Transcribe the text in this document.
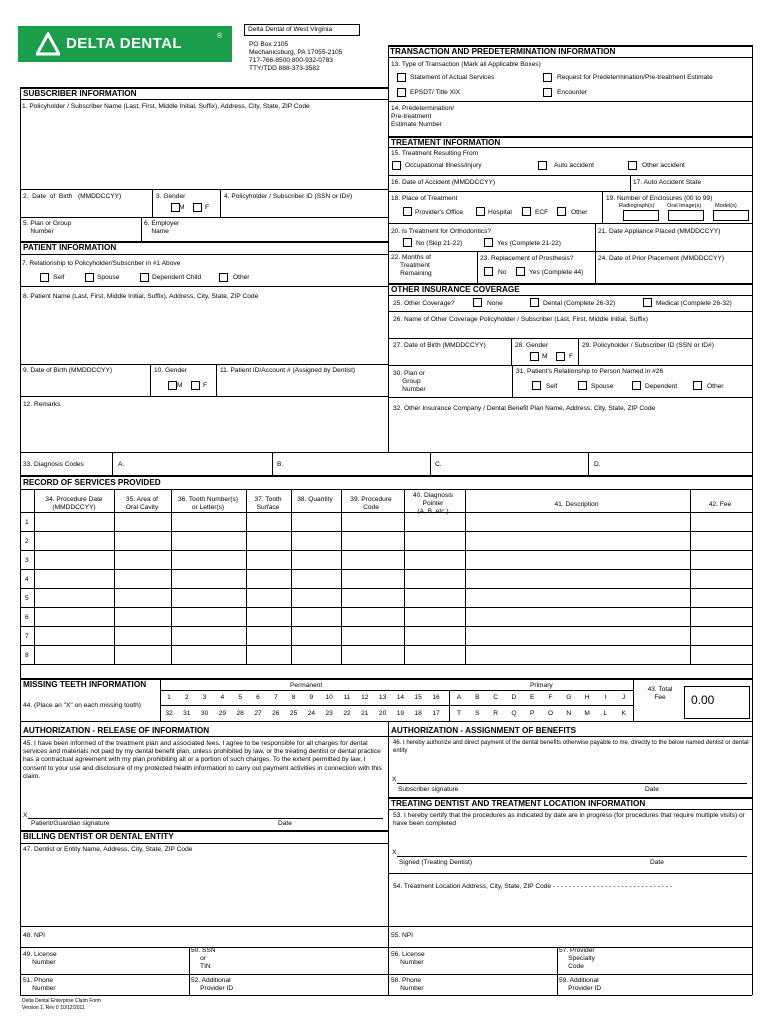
DELTA DENTAL	®
Delta Dental of West Virginia
PO Box 2105
Mechanicsburg, PA 17055-2105
717-766-8500 800-932-0783
TTY/TDD 888-373-3582
TRANSACTION AND PREDETERMINATION INFORMATION
13. Type of Transaction (Mark all Applicable Boxes)
Statement of Actual Services	Request for Predetermination/Pre-treatment Estimate
EPSDT/ Title XIX	Encounter
14. Predetermination/
Pre-treatment
Estimate Number
SUBSCRIBER INFORMATION
1. Policyholder / Subscriber Name (Last, First, Middle Initial, Suffix), Address, City, State, ZIP Code
2.  Date  of  Birth   (MMDDCCYY)	3. Gender
M	F
4. Policyholder / Subscriber ID (SSN or ID#)
5. Plan or Group
Number
6. Employer
Name
PATIENT INFORMATION
7. Relationship to Policyholder/Subscriber in #1 Above
Self	Spouse	Dependent Child	Other
8. Patient Name (Last, First, Middle Initial, Suffix), Address, City, State, ZIP Code
9. Date of Birth (MMDDCCYY)	10. Gender
M	F
11. Patient ID/Account # (Assigned by Dentist)
12. Remarks
TREATMENT INFORMATION
15. Treatment Resulting From
Occupational Illness/injury	Auto accident	Other accident
16. Date of Accident (MMDDCCYY)	17. Auto Accident State
18. Place of Treatment
Provider's Office	Hospital	ECF	Other
19. Number of Enclosures (00 to 99)
Radiograph(s) Oral Image(s) Model(s)
20. Is Treatment for Orthodontics?
No (Skip 21-22)	Yes (Complete 21-22)
21. Date Appliance Placed (MMDDCCYY)
22. Months of
Treatment
Remaining
23. Replacement of Prosthesis?
No	Yes (Complete 44)
24. Date of Prior Placement (MMDDCCYY)
OTHER INSURANCE COVERAGE
25. Other Coverage?	None	Dental (Complete 26-32)	Medical (Complete 26-32)
26. Name of Other Coverage Policyholder / Subscriber (Last, First, Middle Initial, Suffix)
27. Date of Birth (MMDDCCYY)	28. Gender
M	F
29. Policyholder / Subscriber ID (SSN or ID#)
30. Plan or
Group
Number
31. Patient's Relationship to Person Named in #26
Self	Spouse	Dependent	Other
32. Other Insurance Company / Dental Benefit Plan Name, Address, City, State, ZIP Code
33. Diagnosis Codes	A.	B.	C.	D.
RECORD OF SERVICES PROVIDED
34. Procedure Date
(MMDDCCYY)
35. Area of
Oral Cavity
36. Tooth Number(s)
or Letter(s)
37. Tooth
Surface
38. Quantity	39. Procedure
Code
40. Diagnosis
Pointer
(A, B, etc.)
41. Description	42. Fee
1
2
3
4
5
6
7
8
MISSING TEETH INFORMATION
44. (Place an "X" on each missing tooth)
Permanent	Primary
1	2	3	4	5	6	7	8	9	10	11	12	13	14	15	16
32	31	30	29	28	27	26	25	24	23	22	21	20	19	18	17
A	B	C	D	E	F	G	H	I	J
T	S	R	Q	P	O	N	M	L	K
43. Total
Fee	0.00
AUTHORIZATION - RELEASE OF INFORMATION
45. I have been informed of the treatment plan and associated fees. I agree to be responsible for all charges for dental services and materials not paid by my dental benefit plan, unless prohibited by law, or the treating dentist or dental practice has a contractual agreement with my plan prohibiting all or a portion of such charges. To the extent permitted by law, I consent to your use and disclosure of my protected health information to carry out payment activities in connection with this claim.
X
Patient/Guardian signature	Date
BILLING DENTIST OR DENTAL ENTITY
47. Dentist or Entity Name, Address, City, State, ZIP Code
AUTHORIZATION - ASSIGNMENT OF BENEFITS
46. I hereby authorize and direct payment of the dental benefits otherwise payable to me, directly to the below named dentist or dental entity
X
Subscriber signature	Date
TREATING DENTIST AND TREATMENT LOCATION INFORMATION
53. I hereby certify that the procedures as indicated by date are in progress (for procedures that require multiple visits) or have been completed
X
Signed (Treating Dentist)	Date
54. Treatment Location Address, City, State, ZIP Code - - - - - - - - - - - - - - - - - - - - - - - - - - - - - -
48. NPI	55. NPI
49. License
Number
50. SSN
or
TIN
56. License
Number
57. Provider
Specialty
Code
51. Phone
Number
52. Additional
Provider ID
58. Phone
Number
59. Additional
Provider ID
Delta Dental Enterprise Claim Form
Version 1, Rev 0 10/12/2011
